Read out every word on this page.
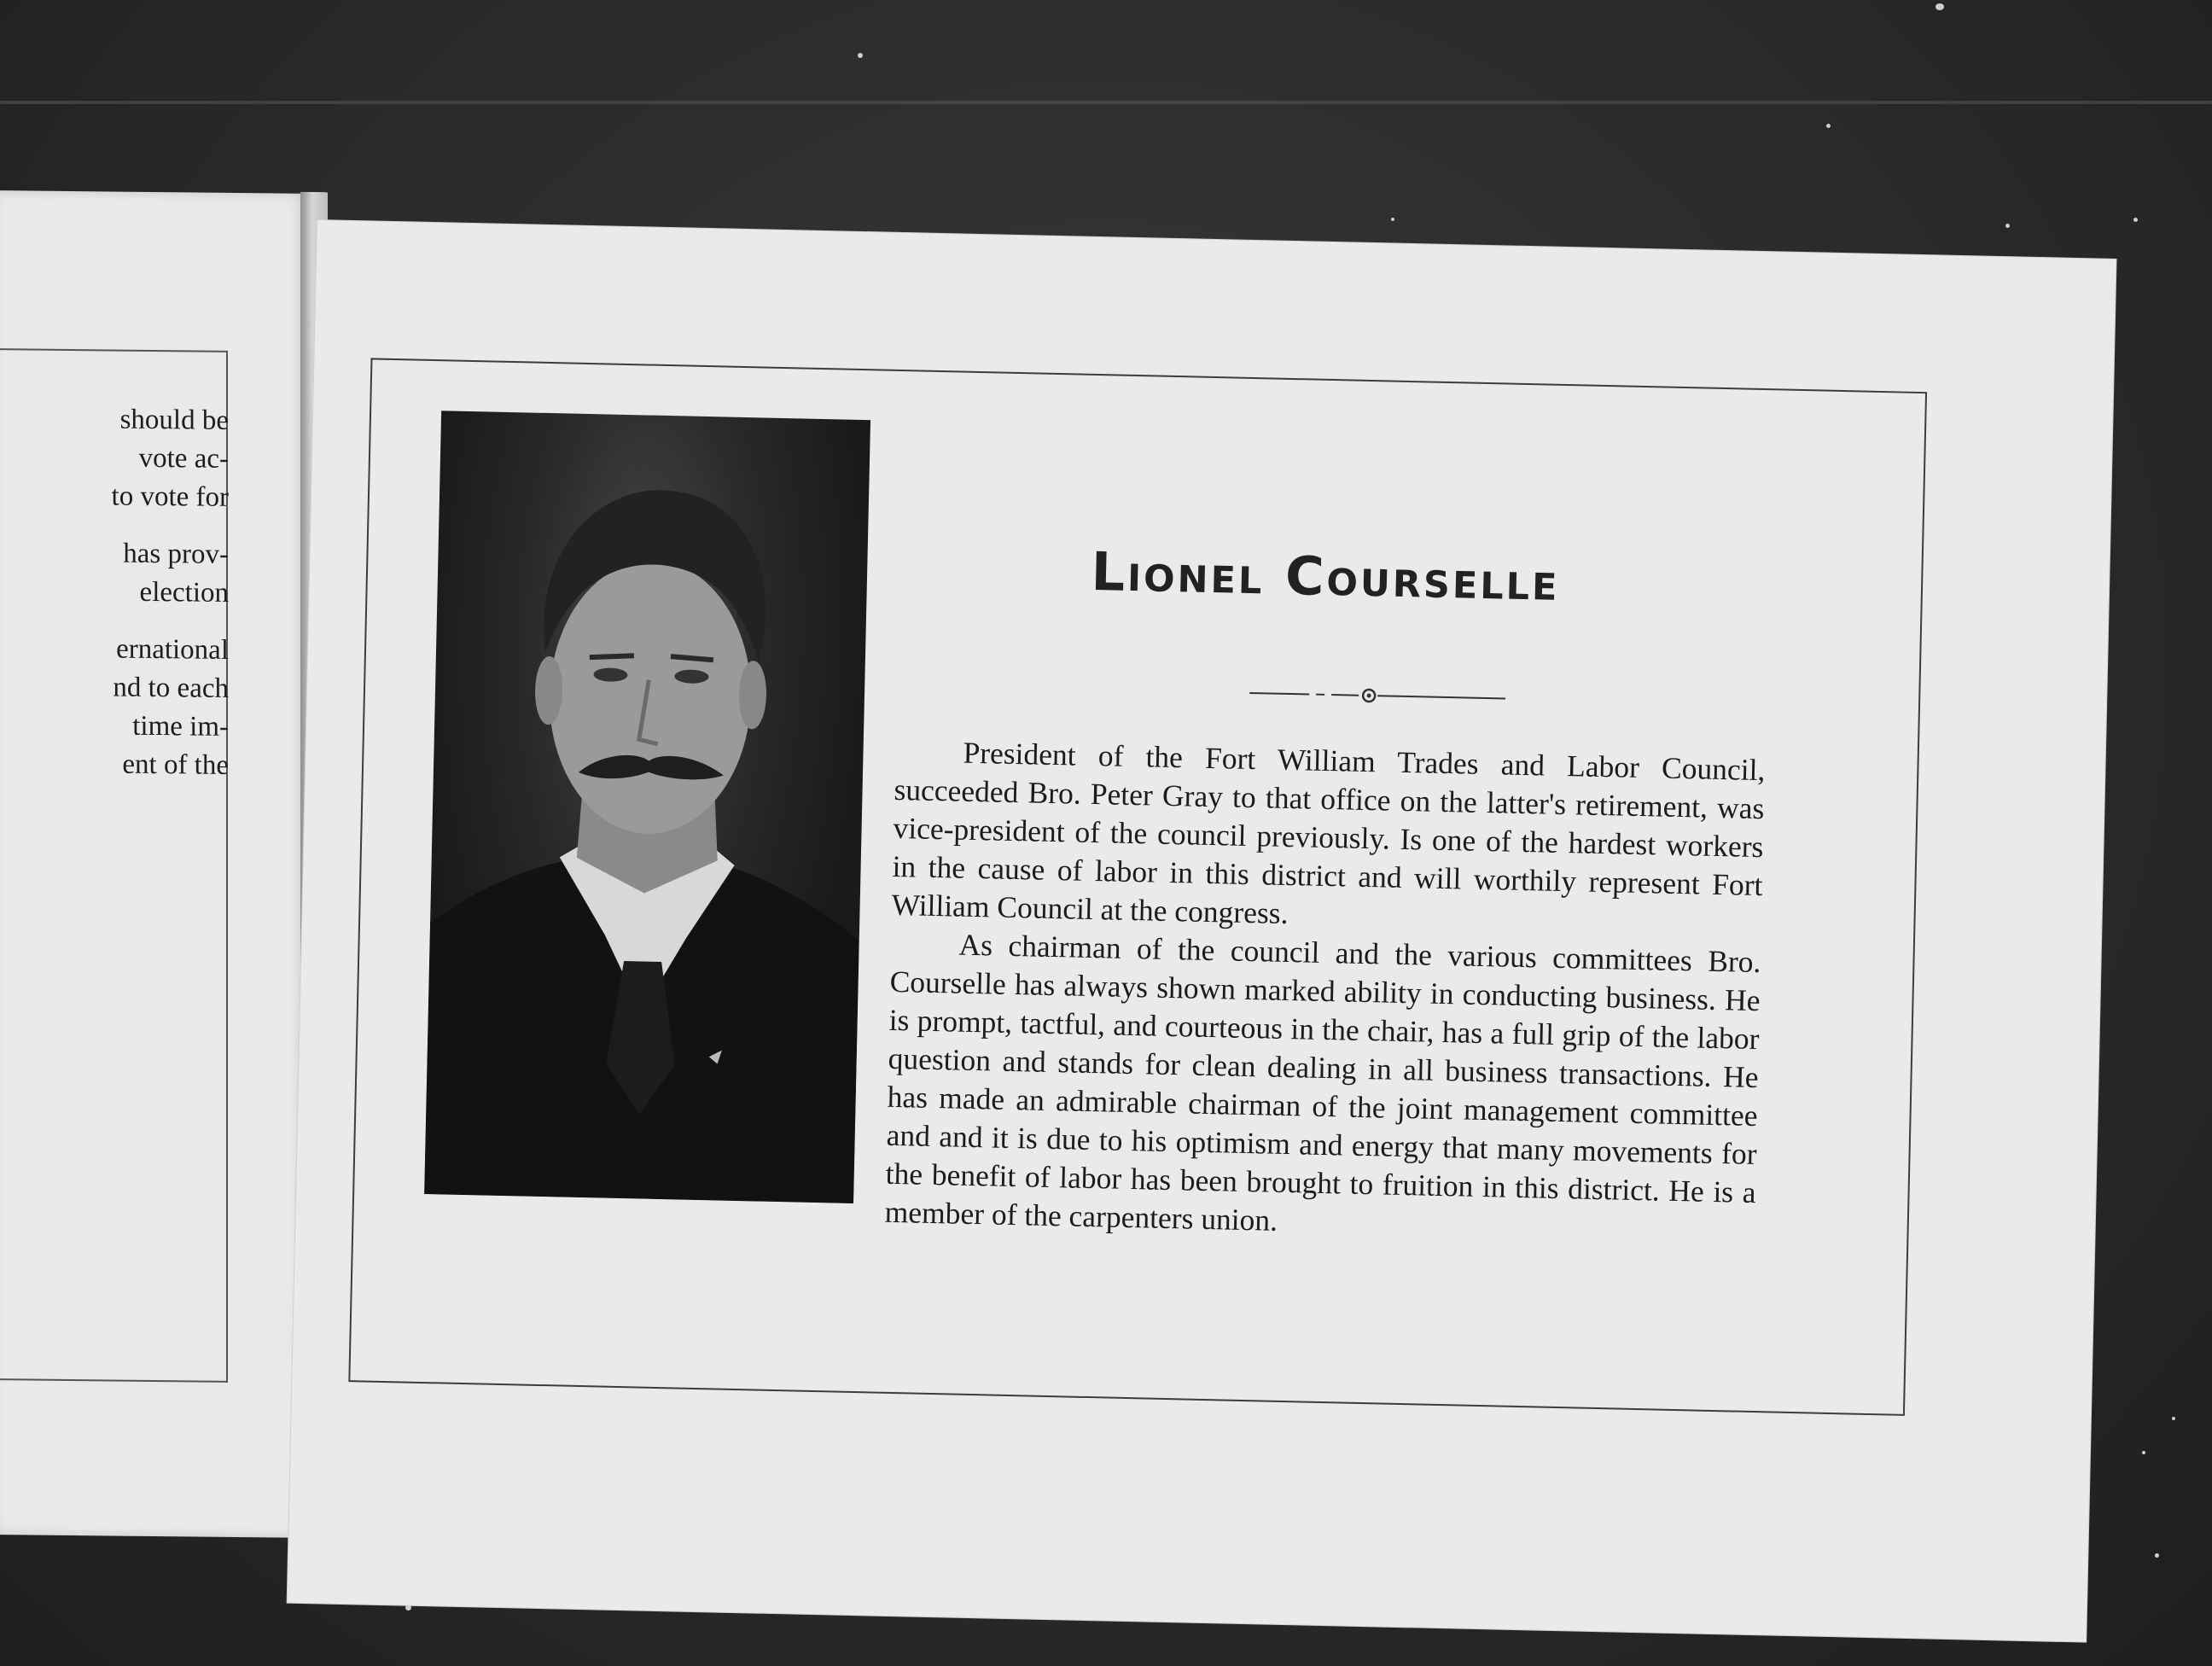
should be
vote ac-
to vote for
has prov-
election
ernational
nd to each
time im-
ent of the
Lionel Courselle

President of the Fort William Trades and Labor Council, succeeded Bro. Peter Gray to that office on the latter's retirement, was vice-president of the council previously. Is one of the hardest workers in the cause of labor in this district and will worthily represent Fort William Council at the congress.

As chairman of the council and the various committees Bro. Courselle has always shown marked ability in conducting business. He is prompt, tactful, and courteous in the chair, has a full grip of the labor question and stands for clean dealing in all business transactions. He has made an admirable chairman of the joint management committee and and it is due to his optimism and energy that many movements for the benefit of labor has been brought to fruition in this district. He is a member of the carpenters union.
